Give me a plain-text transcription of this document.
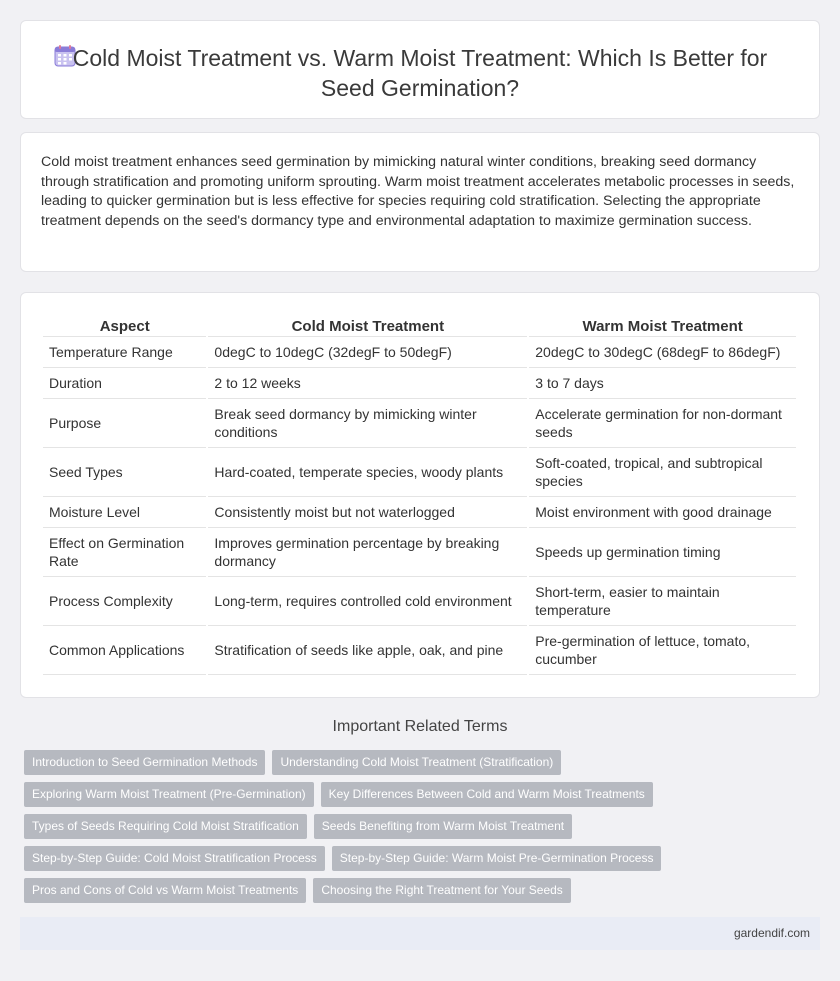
Cold Moist Treatment vs. Warm Moist Treatment: Which Is Better for Seed Germination?

Cold moist treatment enhances seed germination by mimicking natural winter conditions, breaking seed dormancy through stratification and promoting uniform sprouting. Warm moist treatment accelerates metabolic processes in seeds, leading to quicker germination but is less effective for species requiring cold stratification. Selecting the appropriate treatment depends on the seed's dormancy type and environmental adaptation to maximize germination success.

Aspect	Cold Moist Treatment	Warm Moist Treatment
Temperature Range	0degC to 10degC (32degF to 50degF)	20degC to 30degC (68degF to 86degF)
Duration	2 to 12 weeks	3 to 7 days
Purpose	Break seed dormancy by mimicking winter conditions	Accelerate germination for non-dormant seeds
Seed Types	Hard-coated, temperate species, woody plants	Soft-coated, tropical, and subtropical species
Moisture Level	Consistently moist but not waterlogged	Moist environment with good drainage
Effect on Germination Rate	Improves germination percentage by breaking dormancy	Speeds up germination timing
Process Complexity	Long-term, requires controlled cold environment	Short-term, easier to maintain temperature
Common Applications	Stratification of seeds like apple, oak, and pine	Pre-germination of lettuce, tomato, cucumber
Important Related Terms
Introduction to Seed Germination Methods	Understanding Cold Moist Treatment (Stratification)
Exploring Warm Moist Treatment (Pre-Germination)	Key Differences Between Cold and Warm Moist Treatments
Types of Seeds Requiring Cold Moist Stratification	Seeds Benefiting from Warm Moist Treatment
Step-by-Step Guide: Cold Moist Stratification Process	Step-by-Step Guide: Warm Moist Pre-Germination Process
Pros and Cons of Cold vs Warm Moist Treatments	Choosing the Right Treatment for Your Seeds
gardendif.com
